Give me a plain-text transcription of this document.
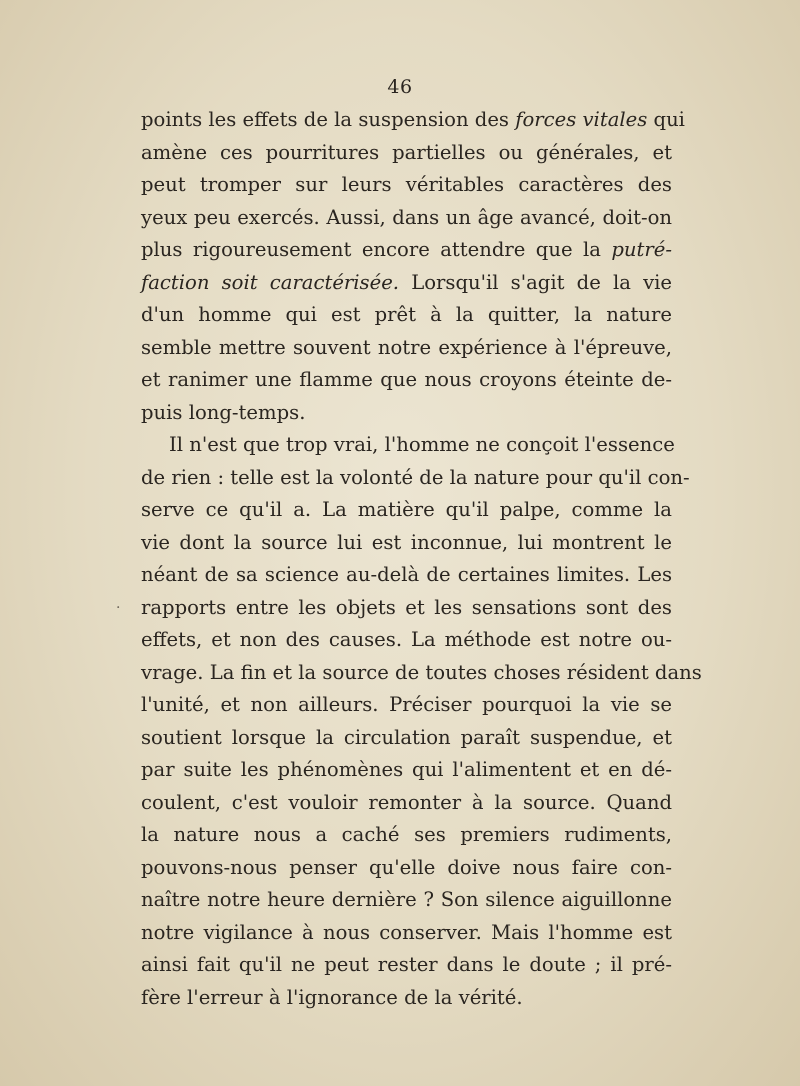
46
points les effets de la suspension des forces vitales qui
amène ces pourritures partielles ou générales, et
peut tromper sur leurs véritables caractères des
yeux peu exercés. Aussi, dans un âge avancé, doit-on
plus rigoureusement encore attendre que la putré-
faction soit caractérisée. Lorsqu'il s'agit de la vie
d'un homme qui est prêt à la quitter, la nature
semble mettre souvent notre expérience à l'épreuve,
et ranimer une flamme que nous croyons éteinte de-
puis long-temps.
Il n'est que trop vrai, l'homme ne conçoit l'essence
de rien : telle est la volonté de la nature pour qu'il con-
serve ce qu'il a. La matière qu'il palpe, comme la
vie dont la source lui est inconnue, lui montrent le
néant de sa science au-delà de certaines limites. Les
rapports entre les objets et les sensations sont des
effets, et non des causes. La méthode est notre ou-
vrage. La fin et la source de toutes choses résident dans
l'unité, et non ailleurs. Préciser pourquoi la vie se
soutient lorsque la circulation paraît suspendue, et
par suite les phénomènes qui l'alimentent et en dé-
coulent, c'est vouloir remonter à la source. Quand
la nature nous a caché ses premiers rudiments,
pouvons-nous penser qu'elle doive nous faire con-
naître notre heure dernière ? Son silence aiguillonne
notre vigilance à nous conserver. Mais l'homme est
ainsi fait qu'il ne peut rester dans le doute ; il pré-
fère l'erreur à l'ignorance de la vérité.
·
